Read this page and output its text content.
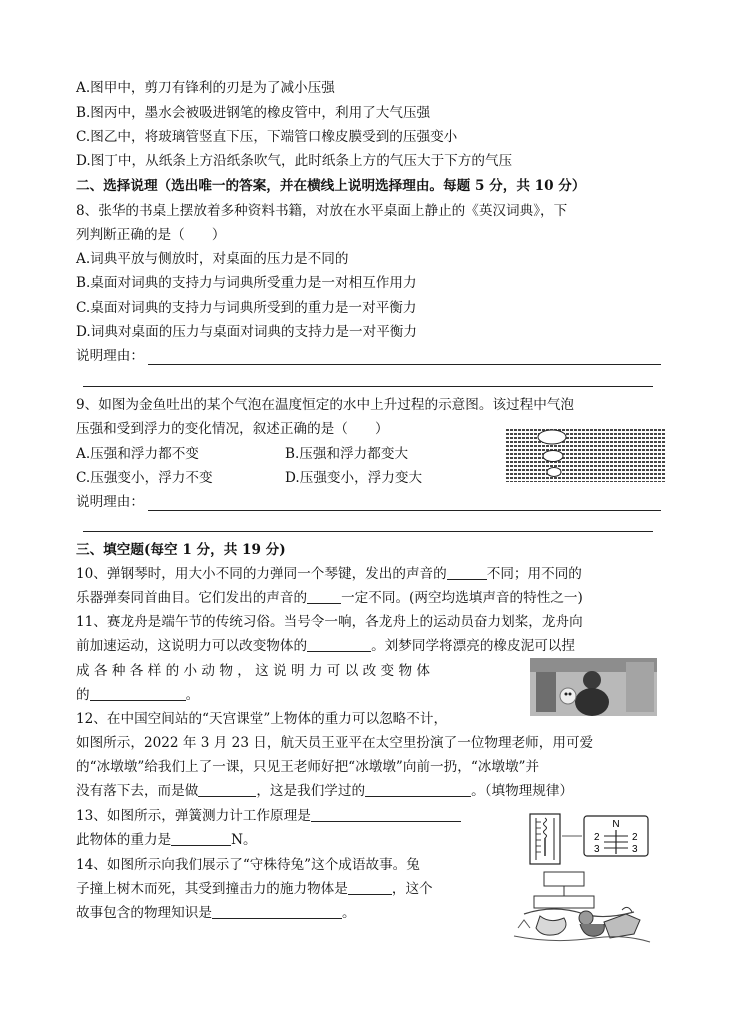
A.图甲中，剪刀有锋利的刃是为了减小压强
B.图丙中，墨水会被吸进钢笔的橡皮管中，利用了大气压强
C.图乙中，将玻璃管竖直下压，下端管口橡皮膜受到的压强变小
D.图丁中，从纸条上方沿纸条吹气，此时纸条上方的气压大于下方的气压
二、选择说理（选出唯一的答案，并在横线上说明选择理由。每题 5 分，共 10 分）
8、张华的书桌上摆放着多种资料书籍，对放在水平桌面上静止的《英汉词典》，下
列判断正确的是（　　）
A.词典平放与侧放时，对桌面的压力是不同的
B.桌面对词典的支持力与词典所受重力是一对相互作用力
C.桌面对词典的支持力与词典所受到的重力是一对平衡力
D.词典对桌面的压力与桌面对词典的支持力是一对平衡力
说明理由：
9、如图为金鱼吐出的某个气泡在温度恒定的水中上升过程的示意图。该过程中气泡
压强和受到浮力的变化情况，叙述正确的是（　　）
A.压强和浮力都不变	B.压强和浮力都变大
C.压强变小，浮力不变	D.压强变小，浮力变大
说明理由：
三、填空题(每空 1 分，共 19 分)
10、弹钢琴时，用大小不同的力弹同一个琴键，发出的声音的	不同；用不同的
乐器弹奏同首曲目。它们发出的声音的	一定不同。(两空均选填声音的特性之一)
11、赛龙舟是端午节的传统习俗。当号令一响，各龙舟上的运动员奋力划桨，龙舟向
前加速运动，这说明力可以改变物体的	。刘梦同学将漂亮的橡皮泥可以捏
成 各 种 各 样 的 小 动 物 ， 这 说 明 力 可 以 改 变 物 体
的	。
12、在中国空间站的“天宫课堂”上物体的重力可以忽略不计，
如图所示，2022 年 3 月 23 日，航天员王亚平在太空里扮演了一位物理老师，用可爱
的“冰墩墩”给我们上了一课，只见王老师好把“冰墩墩”向前一扔，“冰墩墩”并
没有落下去，而是做	，这是我们学过的	。（填物理规律）
13、如图所示，弹簧测力计工作原理是
此物体的重力是	N。
N
2
3
2
3
14、如图所示向我们展示了“守株待兔”这个成语故事。兔
子撞上树木而死，其受到撞击力的施力物体是	，这个
故事包含的物理知识是	。
